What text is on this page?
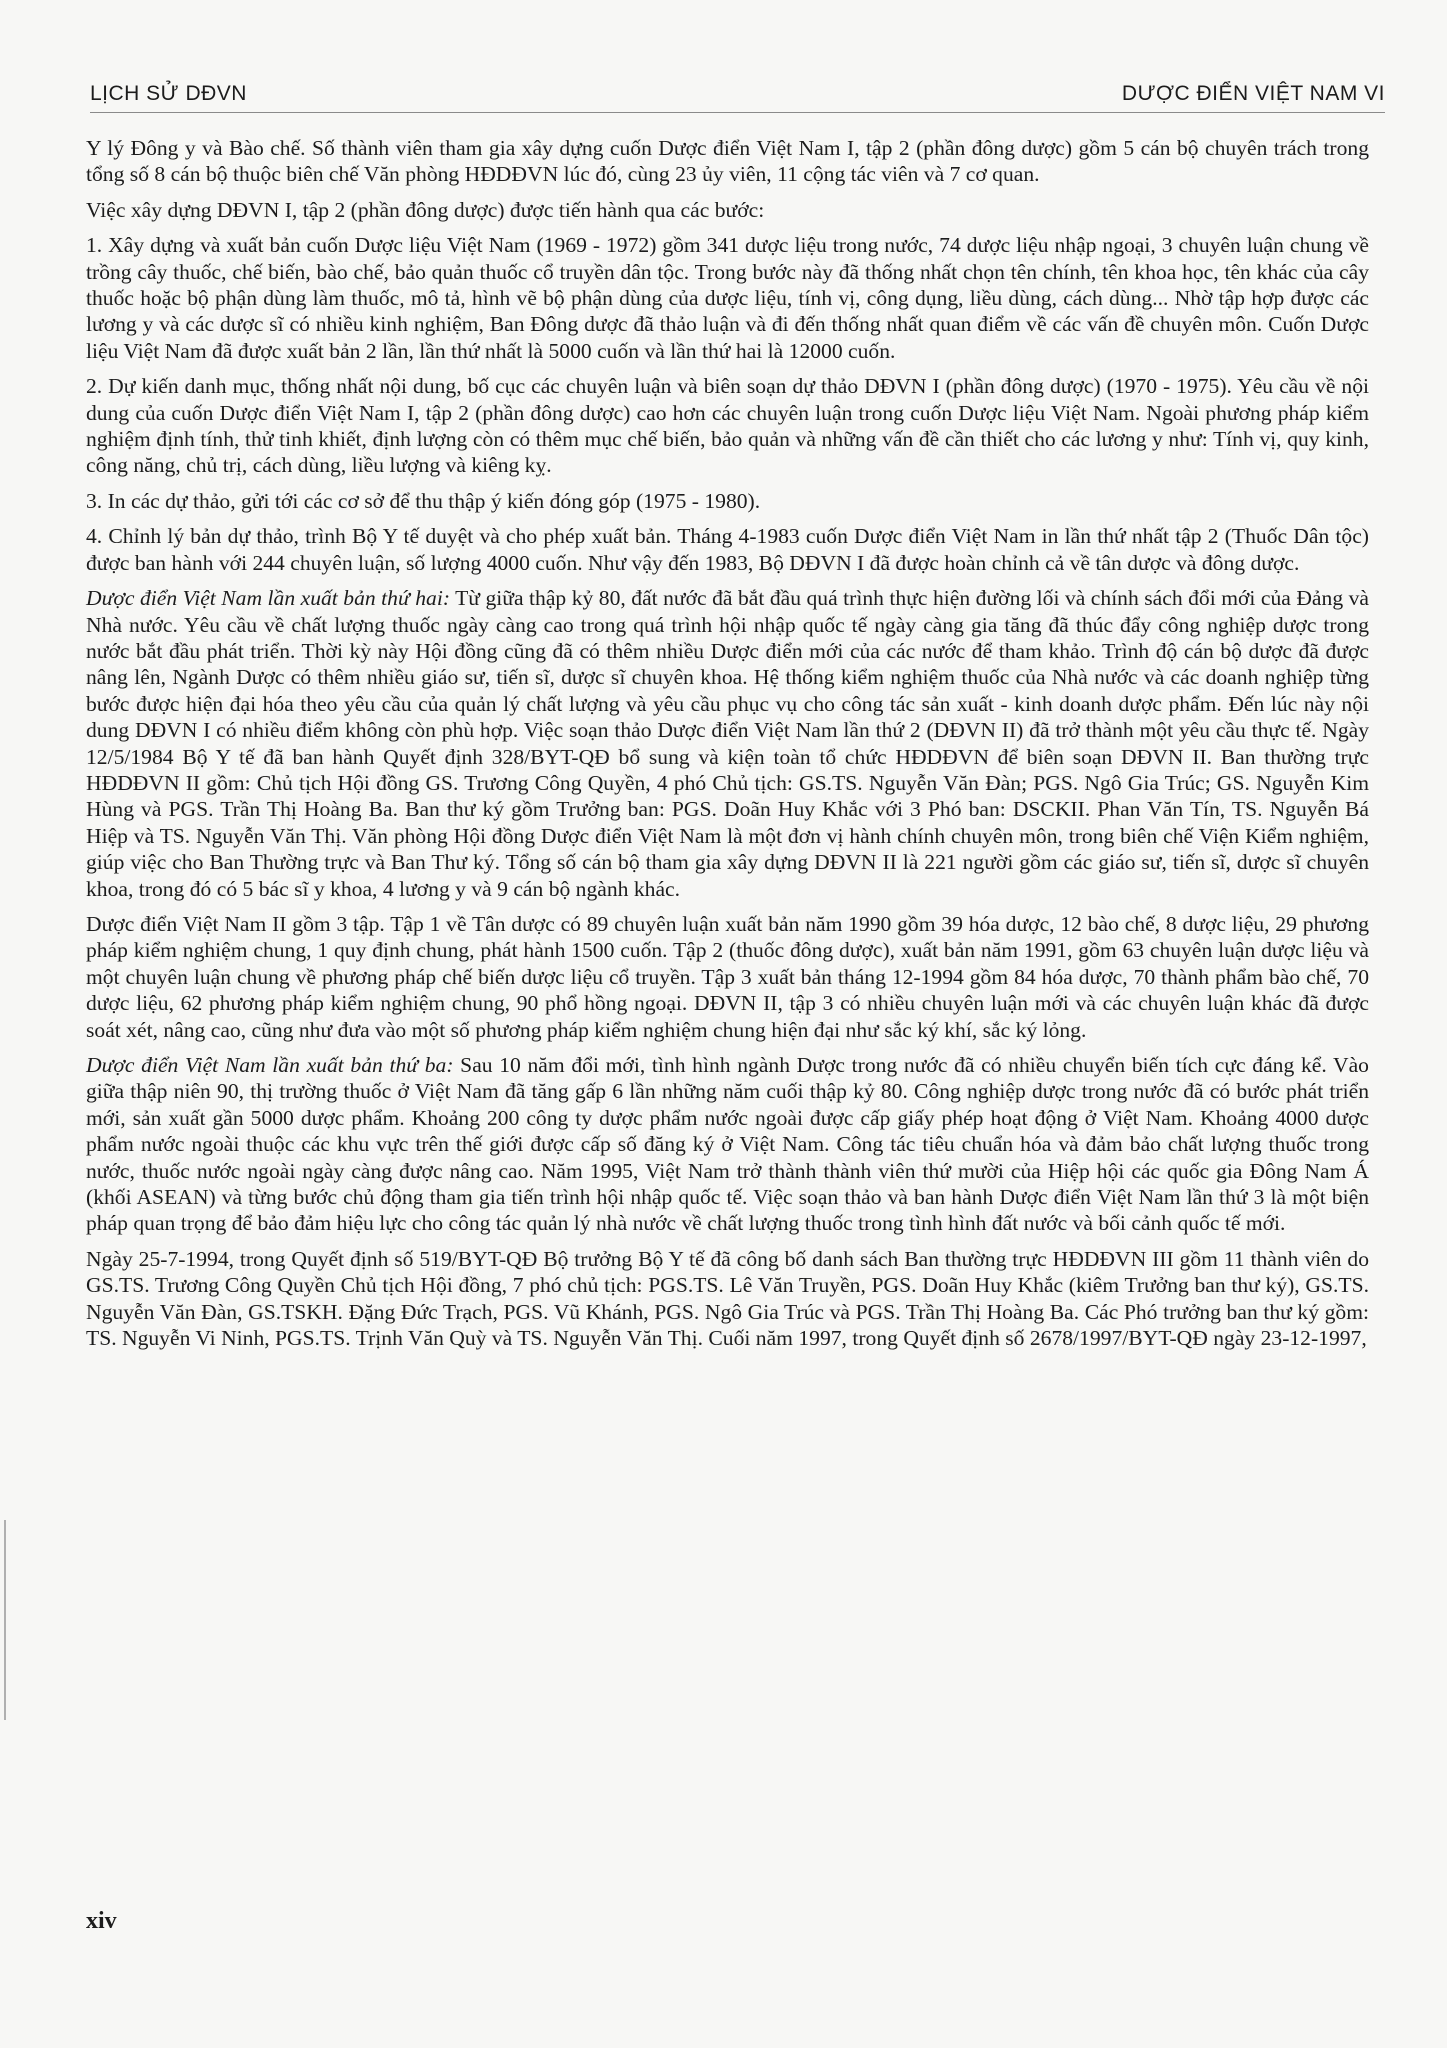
LỊCH SỬ DĐVN	DƯỢC ĐIỂN VIỆT NAM VI

Y lý Đông y và Bào chế. Số thành viên tham gia xây dựng cuốn Dược điển Việt Nam I, tập 2 (phần đông dược) gồm 5 cán bộ chuyên trách trong tổng số 8 cán bộ thuộc biên chế Văn phòng HĐDĐVN lúc đó, cùng 23 ủy viên, 11 cộng tác viên và 7 cơ quan.

Việc xây dựng DĐVN I, tập 2 (phần đông dược) được tiến hành qua các bước:

1. Xây dựng và xuất bản cuốn Dược liệu Việt Nam (1969 - 1972) gồm 341 dược liệu trong nước, 74 dược liệu nhập ngoại, 3 chuyên luận chung về trồng cây thuốc, chế biến, bào chế, bảo quản thuốc cổ truyền dân tộc. Trong bước này đã thống nhất chọn tên chính, tên khoa học, tên khác của cây thuốc hoặc bộ phận dùng làm thuốc, mô tả, hình vẽ bộ phận dùng của dược liệu, tính vị, công dụng, liều dùng, cách dùng... Nhờ tập hợp được các lương y và các dược sĩ có nhiều kinh nghiệm, Ban Đông dược đã thảo luận và đi đến thống nhất quan điểm về các vấn đề chuyên môn. Cuốn Dược liệu Việt Nam đã được xuất bản 2 lần, lần thứ nhất là 5000 cuốn và lần thứ hai là 12000 cuốn.

2. Dự kiến danh mục, thống nhất nội dung, bố cục các chuyên luận và biên soạn dự thảo DĐVN I (phần đông dược) (1970 - 1975). Yêu cầu về nội dung của cuốn Dược điển Việt Nam I, tập 2 (phần đông dược) cao hơn các chuyên luận trong cuốn Dược liệu Việt Nam. Ngoài phương pháp kiểm nghiệm định tính, thử tinh khiết, định lượng còn có thêm mục chế biến, bảo quản và những vấn đề cần thiết cho các lương y như: Tính vị, quy kinh, công năng, chủ trị, cách dùng, liều lượng và kiêng kỵ.

3. In các dự thảo, gửi tới các cơ sở để thu thập ý kiến đóng góp (1975 - 1980).

4. Chỉnh lý bản dự thảo, trình Bộ Y tế duyệt và cho phép xuất bản. Tháng 4-1983 cuốn Dược điển Việt Nam in lần thứ nhất tập 2 (Thuốc Dân tộc) được ban hành với 244 chuyên luận, số lượng 4000 cuốn. Như vậy đến 1983, Bộ DĐVN I đã được hoàn chỉnh cả về tân dược và đông dược.

Dược điển Việt Nam lần xuất bản thứ hai: Từ giữa thập kỷ 80, đất nước đã bắt đầu quá trình thực hiện đường lối và chính sách đổi mới của Đảng và Nhà nước. Yêu cầu về chất lượng thuốc ngày càng cao trong quá trình hội nhập quốc tế ngày càng gia tăng đã thúc đẩy công nghiệp dược trong nước bắt đầu phát triển. Thời kỳ này Hội đồng cũng đã có thêm nhiều Dược điển mới của các nước để tham khảo. Trình độ cán bộ dược đã được nâng lên, Ngành Dược có thêm nhiều giáo sư, tiến sĩ, dược sĩ chuyên khoa. Hệ thống kiểm nghiệm thuốc của Nhà nước và các doanh nghiệp từng bước được hiện đại hóa theo yêu cầu của quản lý chất lượng và yêu cầu phục vụ cho công tác sản xuất - kinh doanh dược phẩm. Đến lúc này nội dung DĐVN I có nhiều điểm không còn phù hợp. Việc soạn thảo Dược điển Việt Nam lần thứ 2 (DĐVN II) đã trở thành một yêu cầu thực tế. Ngày 12/5/1984 Bộ Y tế đã ban hành Quyết định 328/BYT-QĐ bổ sung và kiện toàn tổ chức HĐDĐVN để biên soạn DĐVN II. Ban thường trực HĐDĐVN II gồm: Chủ tịch Hội đồng GS. Trương Công Quyền, 4 phó Chủ tịch: GS.TS. Nguyễn Văn Đàn; PGS. Ngô Gia Trúc; GS. Nguyễn Kim Hùng và PGS. Trần Thị Hoàng Ba. Ban thư ký gồm Trưởng ban: PGS. Doãn Huy Khắc với 3 Phó ban: DSCKII. Phan Văn Tín, TS. Nguyễn Bá Hiệp và TS. Nguyễn Văn Thị. Văn phòng Hội đồng Dược điển Việt Nam là một đơn vị hành chính chuyên môn, trong biên chế Viện Kiểm nghiệm, giúp việc cho Ban Thường trực và Ban Thư ký. Tổng số cán bộ tham gia xây dựng DĐVN II là 221 người gồm các giáo sư, tiến sĩ, dược sĩ chuyên khoa, trong đó có 5 bác sĩ y khoa, 4 lương y và 9 cán bộ ngành khác.

Dược điển Việt Nam II gồm 3 tập. Tập 1 về Tân dược có 89 chuyên luận xuất bản năm 1990 gồm 39 hóa dược, 12 bào chế, 8 dược liệu, 29 phương pháp kiểm nghiệm chung, 1 quy định chung, phát hành 1500 cuốn. Tập 2 (thuốc đông dược), xuất bản năm 1991, gồm 63 chuyên luận dược liệu và một chuyên luận chung về phương pháp chế biến dược liệu cổ truyền. Tập 3 xuất bản tháng 12-1994 gồm 84 hóa dược, 70 thành phẩm bào chế, 70 dược liệu, 62 phương pháp kiểm nghiệm chung, 90 phổ hồng ngoại. DĐVN II, tập 3 có nhiều chuyên luận mới và các chuyên luận khác đã được soát xét, nâng cao, cũng như đưa vào một số phương pháp kiểm nghiệm chung hiện đại như sắc ký khí, sắc ký lỏng.

Dược điển Việt Nam lần xuất bản thứ ba: Sau 10 năm đổi mới, tình hình ngành Dược trong nước đã có nhiều chuyển biến tích cực đáng kể. Vào giữa thập niên 90, thị trường thuốc ở Việt Nam đã tăng gấp 6 lần những năm cuối thập kỷ 80. Công nghiệp dược trong nước đã có bước phát triển mới, sản xuất gần 5000 dược phẩm. Khoảng 200 công ty dược phẩm nước ngoài được cấp giấy phép hoạt động ở Việt Nam. Khoảng 4000 dược phẩm nước ngoài thuộc các khu vực trên thế giới được cấp số đăng ký ở Việt Nam. Công tác tiêu chuẩn hóa và đảm bảo chất lượng thuốc trong nước, thuốc nước ngoài ngày càng được nâng cao. Năm 1995, Việt Nam trở thành thành viên thứ mười của Hiệp hội các quốc gia Đông Nam Á (khối ASEAN) và từng bước chủ động tham gia tiến trình hội nhập quốc tế. Việc soạn thảo và ban hành Dược điển Việt Nam lần thứ 3 là một biện pháp quan trọng để bảo đảm hiệu lực cho công tác quản lý nhà nước về chất lượng thuốc trong tình hình đất nước và bối cảnh quốc tế mới.

Ngày 25-7-1994, trong Quyết định số 519/BYT-QĐ Bộ trưởng Bộ Y tế đã công bố danh sách Ban thường trực HĐDĐVN III gồm 11 thành viên do GS.TS. Trương Công Quyền Chủ tịch Hội đồng, 7 phó chủ tịch: PGS.TS. Lê Văn Truyền, PGS. Doãn Huy Khắc (kiêm Trưởng ban thư ký), GS.TS. Nguyễn Văn Đàn, GS.TSKH. Đặng Đức Trạch, PGS. Vũ Khánh, PGS. Ngô Gia Trúc và PGS. Trần Thị Hoàng Ba. Các Phó trưởng ban thư ký gồm: TS. Nguyễn Vi Ninh, PGS.TS. Trịnh Văn Quỳ và TS. Nguyễn Văn Thị. Cuối năm 1997, trong Quyết định số 2678/1997/BYT-QĐ ngày 23-12-1997,

xiv
